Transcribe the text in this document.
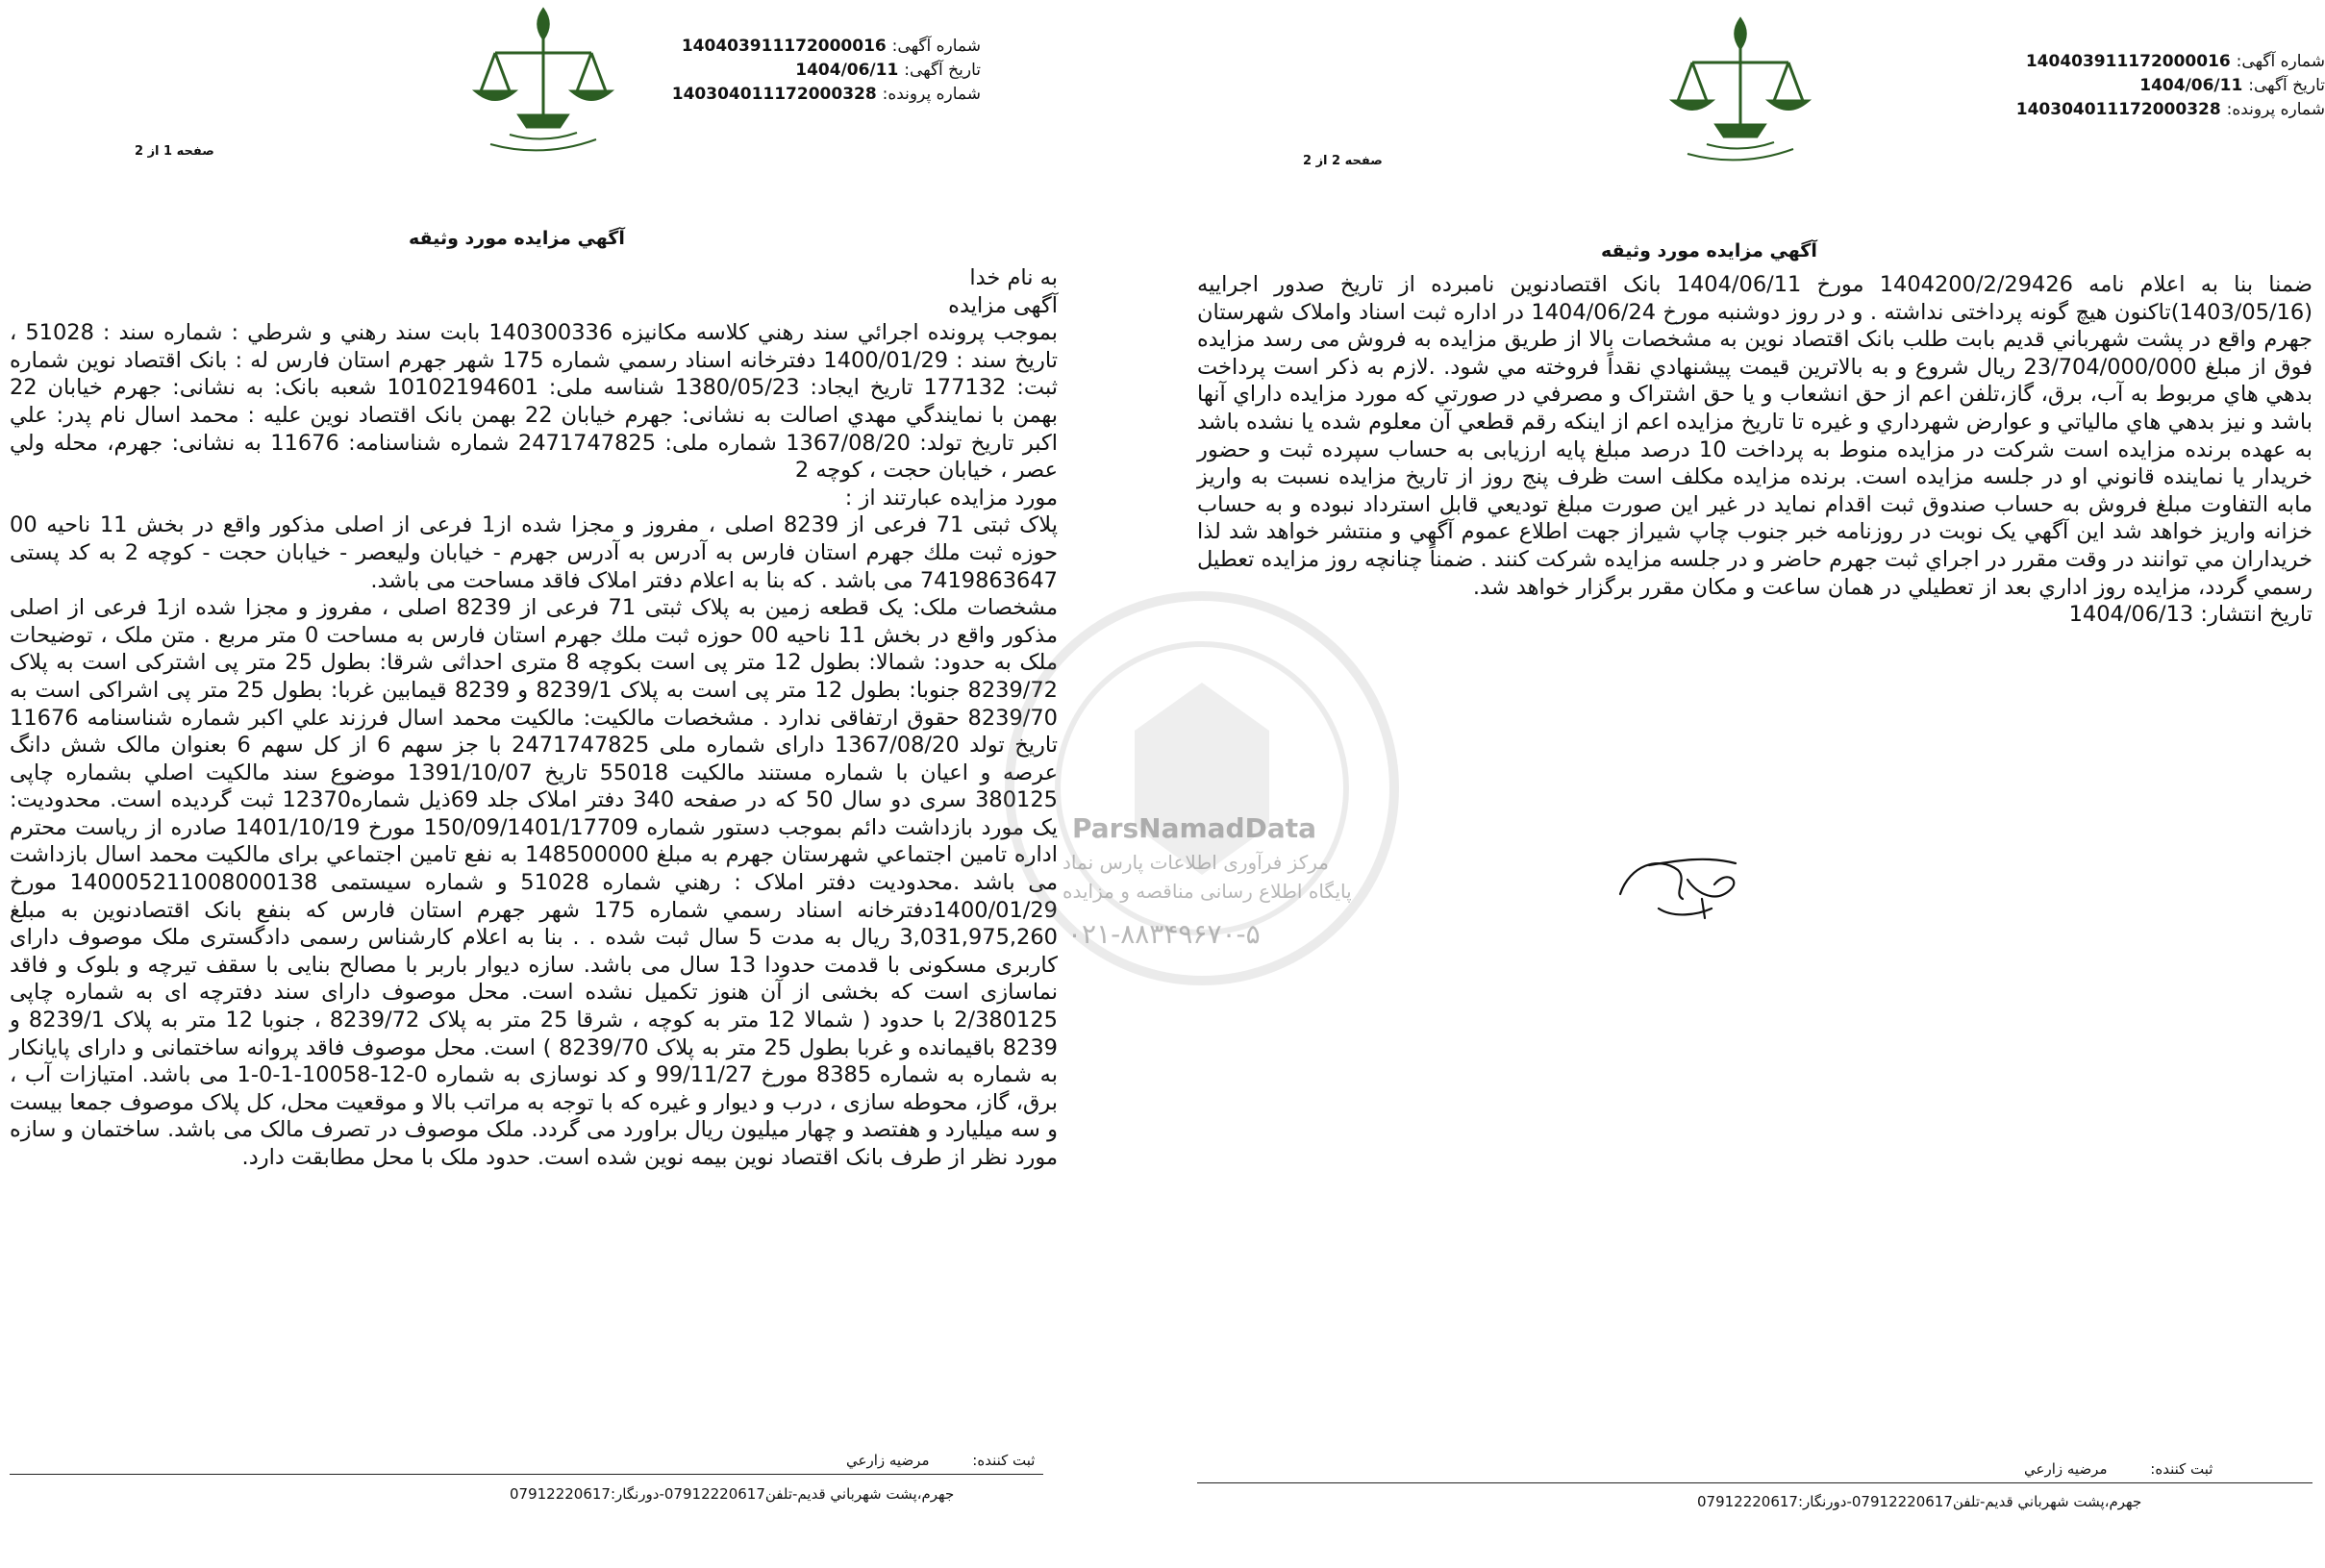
شماره آگهی: 140403911172000016
تاریخ آگهی: 1404/06/11
شماره پرونده: 140304011172000328
صفحه 1 از 2
آگهي مزايده مورد وثيقه

به نام خدا

آگهی مزایده

بموجب پرونده اجرائي سند رهني کلاسه مکانیزه 140300336 بابت سند رهني و شرطي : شماره سند : 51028 ، تاريخ سند : 1400/01/29 دفترخانه اسناد رسمي شماره 175 شهر جهرم استان فارس له : بانک اقتصاد نوين شماره ثبت: 177132 تاريخ ايجاد: 1380/05/23 شناسه ملی: 10102194601 شعبه بانک: به نشانی: جهرم خیابان 22 بهمن با نمایندگي مهدي اصالت به نشانی: جهرم خیابان 22 بهمن بانک اقتصاد نوين علیه : محمد اسال نام پدر: علي اکبر تاريخ تولد: 1367/08/20 شماره ملی: 2471747825 شماره شناسنامه: 11676 به نشانی: جهرم، محله ولي عصر ، خيابان حجت ، کوچه 2

مورد مزايده عبارتند از :

پلاک ثبتی 71 فرعی از 8239 اصلی ، مفروز و مجزا شده از1 فرعی از اصلی مذکور واقع در بخش 11 ناحیه 00 حوزه ثبت ملك جهرم استان فارس به آدرس به آدرس جهرم - خیابان ولیعصر - خیابان حجت - کوچه 2 به کد پستی 7419863647 می باشد . که بنا به اعلام دفتر املاک فاقد مساحت می باشد.

مشخصات ملک: یک قطعه زمین به پلاک ثبتی 71 فرعی از 8239 اصلی ، مفروز و مجزا شده از1 فرعی از اصلی مذکور واقع در بخش 11 ناحیه 00 حوزه ثبت ملك جهرم استان فارس به مساحت 0 متر مربع . متن ملک ، توضیحات ملک به حدود: شمالا: بطول 12 متر پی است بکوچه 8 متری احداثی شرقا: بطول 25 متر پی اشترکی است به پلاک 8239/72 جنوبا: بطول 12 متر پی است به پلاک 8239/1 و 8239 قیمابین غربا: بطول 25 متر پی اشراکی است به 8239/70 حقوق ارتفاقی ندارد . مشخصات مالکیت: مالکیت محمد اسال فرزند علي اکبر شماره شناسنامه 11676 تاریخ تولد 1367/08/20 دارای شماره ملی 2471747825 با جز سهم 6 از کل سهم 6 بعنوان مالک شش دانگ عرصه و اعیان با شماره مستند مالکیت 55018 تاریخ 1391/10/07 موضوع سند مالکیت اصلي بشماره چاپی 380125 سری دو سال 50 که در صفحه 340 دفتر املاک جلد 69ذیل شماره12370 ثبت گردیده است. محدودیت: یک مورد بازداشت دائم بموجب دستور شماره 150/09/1401/17709 مورخ 1401/10/19 صادره از ریاست محترم اداره تامین اجتماعي شهرستان جهرم به مبلغ 148500000 به نفع تامین اجتماعي برای مالکیت محمد اسال بازداشت می باشد .محدودیت دفتر املاک : رهني شماره 51028 و شماره سیستمی 140005211008000138 مورخ 1400/01/29دفترخانه اسناد رسمي شماره 175 شهر جهرم استان فارس که بنفع بانک اقتصادنوین به مبلغ 3,031,975,260 ریال به مدت 5 سال ثبت شده . . بنا به اعلام کارشناس رسمی دادگستری ملک موصوف دارای کاربری مسکونی با قدمت حدودا 13 سال می باشد. سازه دیوار باربر با مصالح بنایی با سقف تیرچه و بلوک و فاقد نماسازی است که بخشی از آن هنوز تکمیل نشده است. محل موصوف دارای سند دفترچه ای به شماره چاپی 2/380125 با حدود ( شمالا 12 متر به کوچه ، شرقا 25 متر به پلاک 8239/72 ، جنوبا 12 متر به پلاک 8239/1 و 8239 باقیمانده و غربا بطول 25 متر به پلاک 8239/70 ) است. محل موصوف فاقد پروانه ساختمانی و دارای پایانکار به شماره به شماره 8385 مورخ 99/11/27 و کد نوسازی به شماره 0-12-10058-1-0-1 می باشد. امتیازات آب ، برق، گاز، محوطه سازی ، درب و دیوار و غیره که با توجه به مراتب بالا و موقعیت محل، کل پلاک موصوف جمعا بیست و سه میلیارد و هفتصد و چهار میلیون ریال براورد می گردد. ملک موصوف در تصرف مالک می باشد. ساختمان و سازه مورد نظر از طرف بانک اقتصاد نوین بیمه نوین شده است. حدود ملک با محل مطابقت دارد.

ثبت کننده: مرضیه زارعي
جهرم،پشت شهرباني قديم-تلفن07912220617-دورنگار:07912220617
شماره آگهی: 140403911172000016
تاریخ آگهی: 1404/06/11
شماره پرونده: 140304011172000328
صفحه 2 از 2
آگهي مزايده مورد وثيقه

ضمنا بنا به اعلام نامه 1404200/2/29426 مورخ 1404/06/11 بانک اقتصادنوین نامبرده از تاریخ صدور اجراییه (1403/05/16)تاکنون هیچ گونه پرداختی نداشته . و در روز دوشنبه مورخ 1404/06/24 در اداره ثبت اسناد واملاک شهرستان جهرم واقع در پشت شهرباني قديم بابت طلب بانک اقتصاد نوين به مشخصات بالا از طريق مزايده به فروش می رسد مزايده فوق از مبلغ 23/704/000/000 ريال شروع و به بالاترين قيمت پيشنهادي نقداً فروخته مي شود. .لازم به ذکر است پرداخت بدهي هاي مربوط به آب، برق، گاز،تلفن اعم از حق انشعاب و يا حق اشتراک و مصرفي در صورتي که مورد مزايده داراي آنها باشد و نيز بدهي هاي مالياتي و عوارض شهرداري و غيره تا تاريخ مزايده اعم از اينکه رقم قطعي آن معلوم شده يا نشده باشد به عهده برنده مزايده است شرکت در مزايده منوط به پرداخت 10 درصد مبلغ پايه ارزيابی به حساب سپرده ثبت و حضور خريدار يا نماينده قانوني او در جلسه مزايده است. برنده مزايده مکلف است ظرف پنج روز از تاريخ مزايده نسبت به واريز مابه التفاوت مبلغ فروش به حساب صندوق ثبت اقدام نمايد در غير اين صورت مبلغ توديعي قابل استرداد نبوده و به حساب خزانه واريز خواهد شد اين آگهي يک نوبت در روزنامه خبر جنوب چاپ شيراز جهت اطلاع عموم آگهي و منتشر خواهد شد لذا خريداران مي توانند در وقت مقرر در اجراي ثبت جهرم حاضر و در جلسه مزايده شرکت کنند . ضمناً چنانچه روز مزايده تعطيل رسمي گردد، مزايده روز اداري بعد از تعطيلي در همان ساعت و مکان مقرر برگزار خواهد شد.

تاريخ انتشار: 1404/06/13

ثبت کننده: مرضیه زارعي
جهرم،پشت شهرباني قديم-تلفن07912220617-دورنگار:07912220617
ParsNamadData
مرکز فرآوری اطلاعات پارس نماد
پایگاه اطلاع رسانی مناقصه و مزایده
۰۲۱-۸۸۳۴۹۶۷۰-۵
